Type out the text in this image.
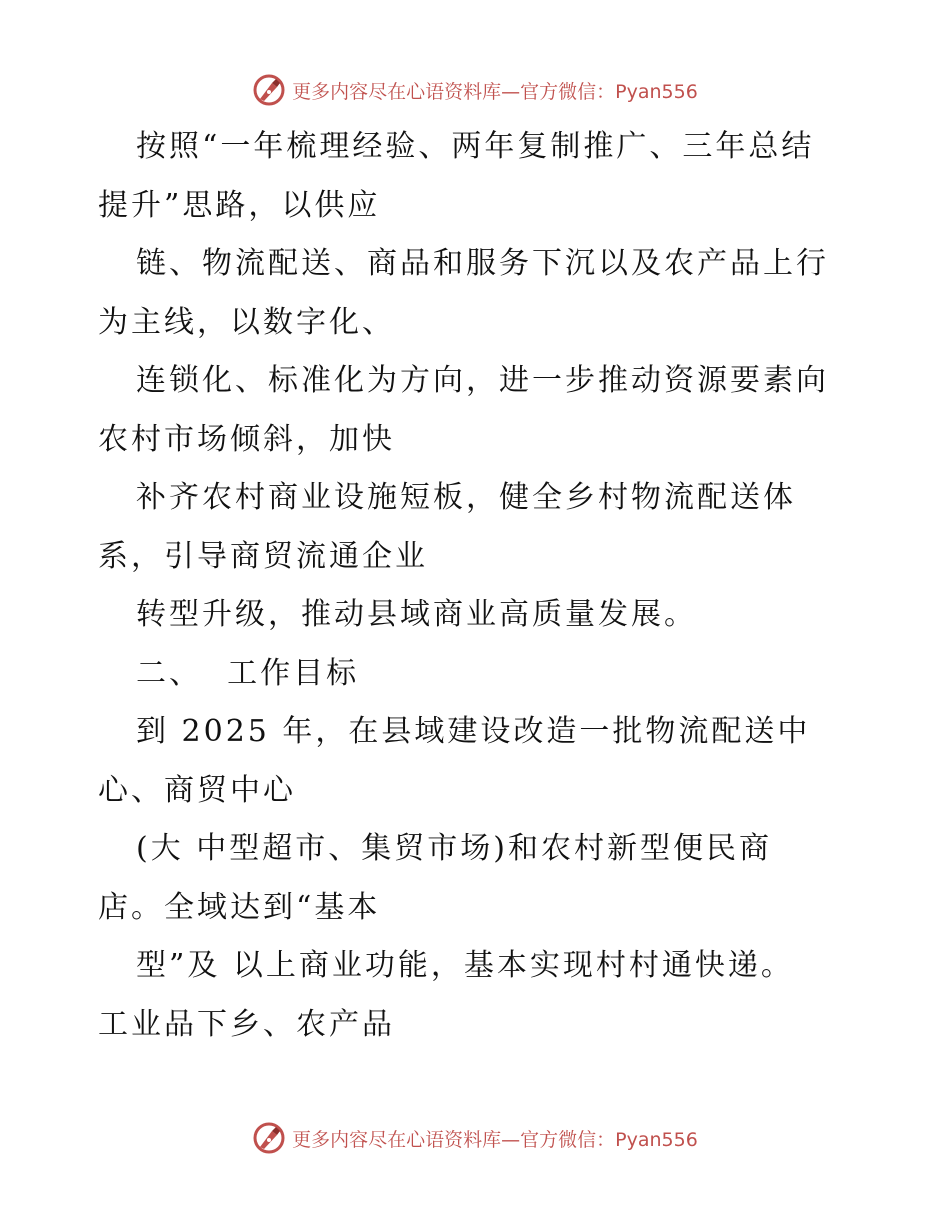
更多内容尽在心语资料库—官方微信：Pyan556

按照“一年梳理经验、两年复制推广、三年总结
提升”思路，以供应

链、物流配送、商品和服务下沉以及农产品上行
为主线，以数字化、

连锁化、标准化为方向，进一步推动资源要素向
农村市场倾斜，加快

补齐农村商业设施短板，健全乡村物流配送体
系，引导商贸流通企业

转型升级，推动县域商业高质量发展。

二、  工作目标

到 2025 年，在县域建设改造一批物流配送中
心、商贸中心

(大 中型超市、集贸市场)和农村新型便民商
店。全域达到“基本

型”及 以上商业功能，基本实现村村通快递。
工业品下乡、农产品

更多内容尽在心语资料库—官方微信：Pyan556
